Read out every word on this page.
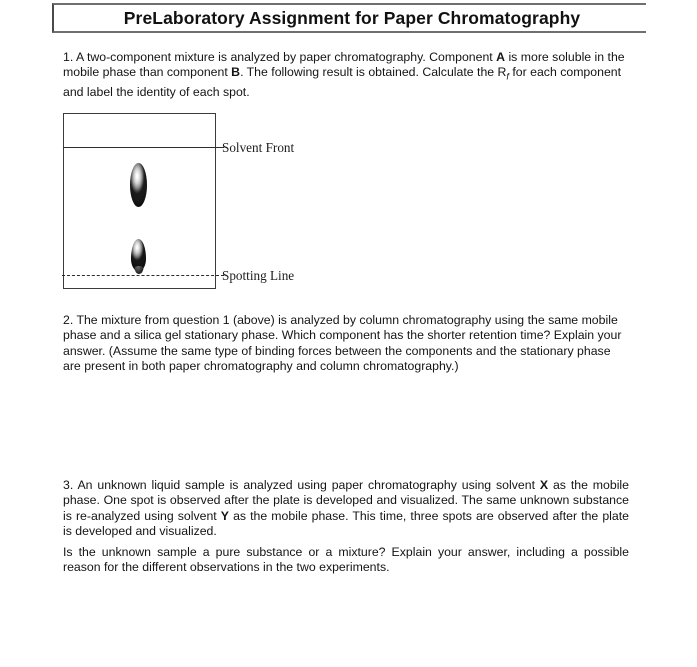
PreLaboratory Assignment for Paper Chromatography
1. A two-component mixture is analyzed by paper chromatography. Component A is more soluble in the mobile phase than component B. The following result is obtained. Calculate the $R_f$ for each component and label the identity of each spot.
Solvent Front
Spotting Line
2. The mixture from question 1 (above) is analyzed by column chromatography using the same mobile phase and a silica gel stationary phase. Which component has the shorter retention time? Explain your answer. (Assume the same type of binding forces between the components and the stationary phase are present in both paper chromatography and column chromatography.)
3. An unknown liquid sample is analyzed using paper chromatography using solvent X as the mobile phase. One spot is observed after the plate is developed and visualized. The same unknown substance is re-analyzed using solvent Y as the mobile phase. This time, three spots are observed after the plate is developed and visualized.
Is the unknown sample a pure substance or a mixture? Explain your answer, including a possible reason for the different observations in the two experiments.
